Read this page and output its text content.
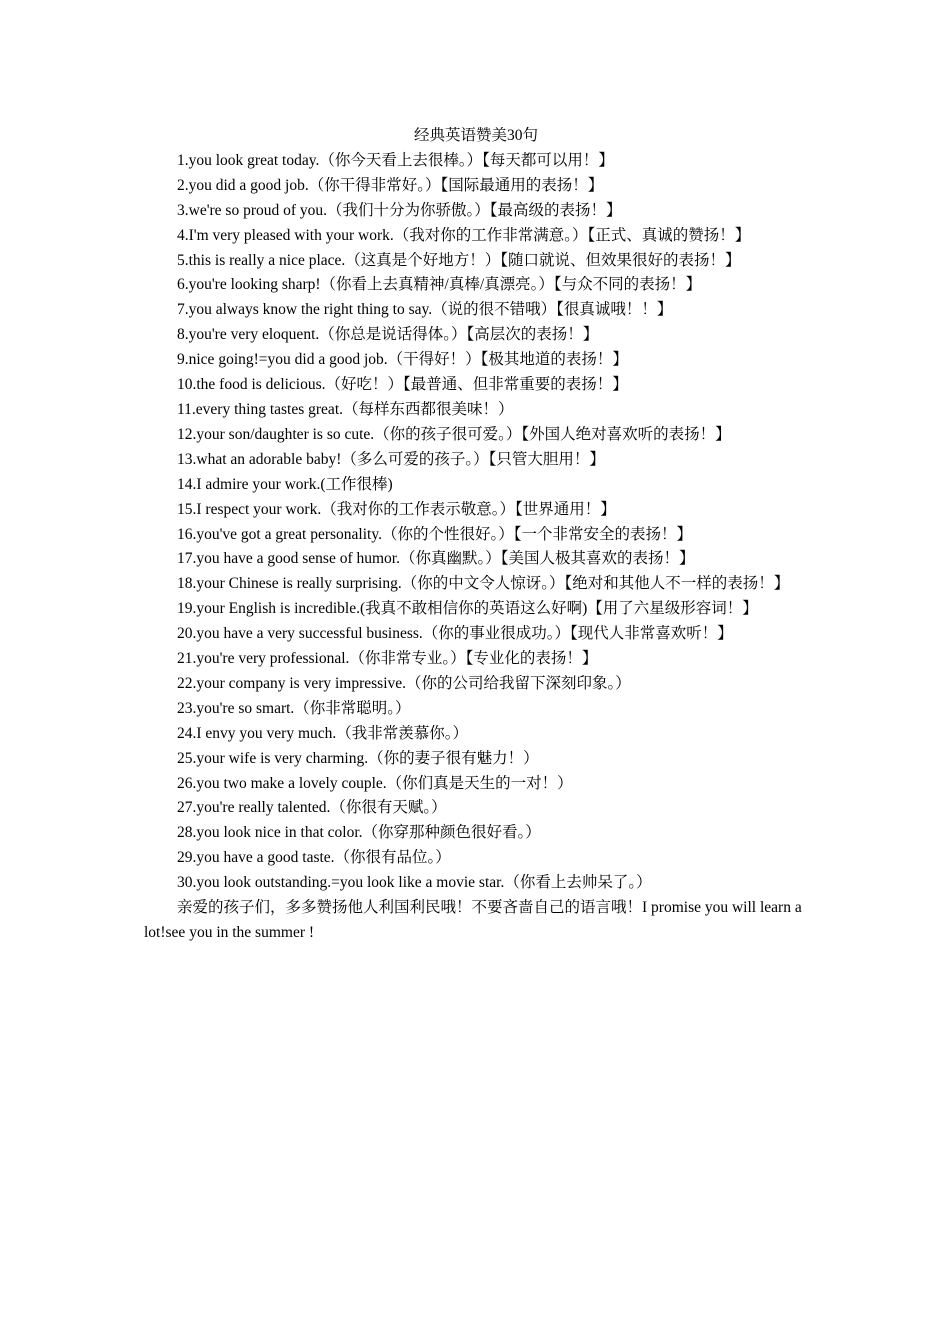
经典英语赞美30句

1.you look great today.（你今天看上去很棒。）【每天都可以用！】

2.you did a good job.（你干得非常好。）【国际最通用的表扬！】

3.we're so proud of you.（我们十分为你骄傲。）【最高级的表扬！】

4.I'm very pleased with your work.（我对你的工作非常满意。）【正式、真诚的赞扬！】

5.this is really a nice place.（这真是个好地方！）【随口就说、但效果很好的表扬！】

6.you're looking sharp!（你看上去真精神/真棒/真漂亮。）【与众不同的表扬！】

7.you always know the right thing to say.（说的很不错哦）【很真诚哦！！】

8.you're very eloquent.（你总是说话得体。）【高层次的表扬！】

9.nice going!=you did a good job.（干得好！）【极其地道的表扬！】

10.the food is delicious.（好吃！）【最普通、但非常重要的表扬！】

11.every thing tastes great.（每样东西都很美味！）

12.your son/daughter is so cute.（你的孩子很可爱。）【外国人绝对喜欢听的表扬！】

13.what an adorable baby!（多么可爱的孩子。）【只管大胆用！】

14.I admire your work.(工作很棒)

15.I respect your work.（我对你的工作表示敬意。）【世界通用！】

16.you've got a great personality.（你的个性很好。）【一个非常安全的表扬！】

17.you have a good sense of humor.（你真幽默。）【美国人极其喜欢的表扬！】

18.your Chinese is really surprising.（你的中文令人惊讶。）【绝对和其他人不一样的表扬！】

19.your English is incredible.(我真不敢相信你的英语这么好啊)【用了六星级形容词！】

20.you have a very successful business.（你的事业很成功。）【现代人非常喜欢听！】

21.you're very professional.（你非常专业。）【专业化的表扬！】

22.your company is very impressive.（你的公司给我留下深刻印象。）

23.you're so smart.（你非常聪明。）

24.I envy you very much.（我非常羡慕你。）

25.your wife is very charming.（你的妻子很有魅力！）

26.you two make a lovely couple.（你们真是天生的一对！）

27.you're really talented.（你很有天赋。）

28.you look nice in that color.（你穿那种颜色很好看。）

29.you have a good taste.（你很有品位。）

30.you look outstanding.=you look like a movie star.（你看上去帅呆了。）

亲爱的孩子们，多多赞扬他人利国利民哦！不要吝啬自己的语言哦！I promise you will learn a lot!see you in the summer !
